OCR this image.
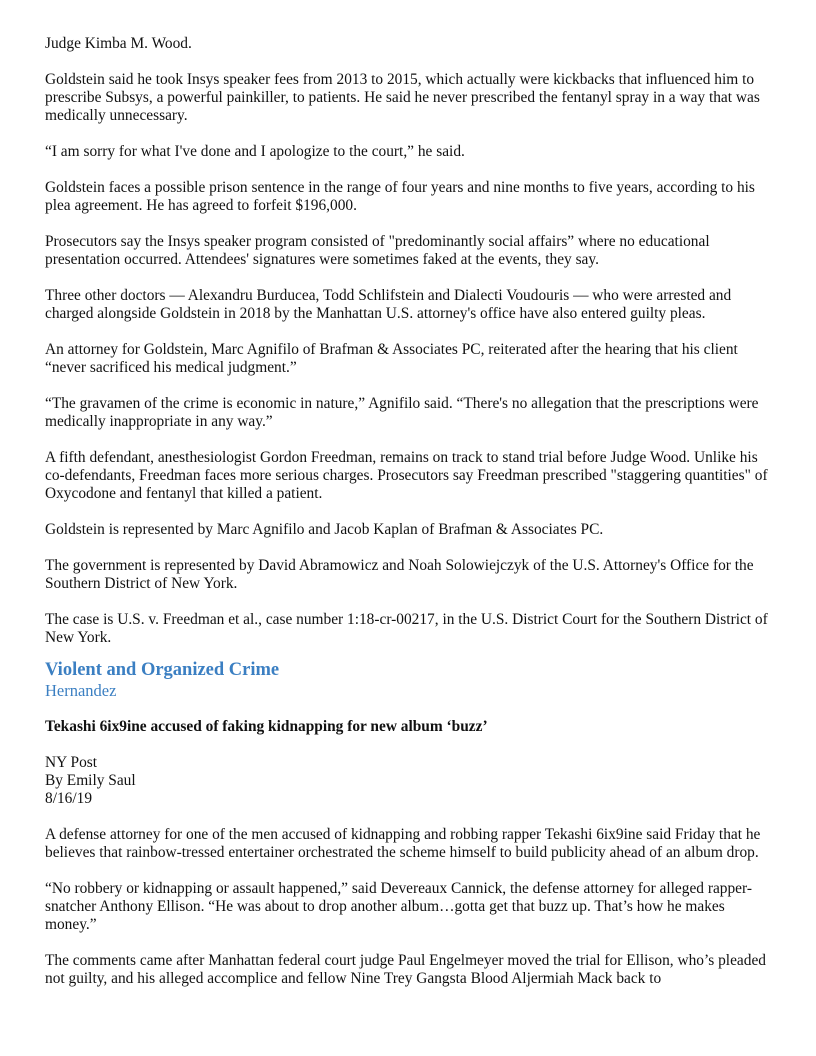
Judge Kimba M. Wood.

Goldstein said he took Insys speaker fees from 2013 to 2015, which actually were kickbacks that influenced him to prescribe Subsys, a powerful painkiller, to patients. He said he never prescribed the fentanyl spray in a way that was medically unnecessary.

“I am sorry for what I've done and I apologize to the court,” he said.

Goldstein faces a possible prison sentence in the range of four years and nine months to five years, according to his plea agreement. He has agreed to forfeit $196,000.

Prosecutors say the Insys speaker program consisted of "predominantly social affairs” where no educational presentation occurred. Attendees' signatures were sometimes faked at the events, they say.

Three other doctors — Alexandru Burducea, Todd Schlifstein and Dialecti Voudouris — who were arrested and charged alongside Goldstein in 2018 by the Manhattan U.S. attorney's office have also entered guilty pleas.

An attorney for Goldstein, Marc Agnifilo of Brafman & Associates PC, reiterated after the hearing that his client “never sacrificed his medical judgment.”

“The gravamen of the crime is economic in nature,” Agnifilo said. “There's no allegation that the prescriptions were medically inappropriate in any way.”

A fifth defendant, anesthesiologist Gordon Freedman, remains on track to stand trial before Judge Wood. Unlike his co-defendants, Freedman faces more serious charges. Prosecutors say Freedman prescribed "staggering quantities" of Oxycodone and fentanyl that killed a patient.

Goldstein is represented by Marc Agnifilo and Jacob Kaplan of Brafman & Associates PC.

The government is represented by David Abramowicz and Noah Solowiejczyk of the U.S. Attorney's Office for the Southern District of New York.

The case is U.S. v. Freedman et al., case number 1:18-cr-00217, in the U.S. District Court for the Southern District of New York.

Violent and Organized Crime
Hernandez

Tekashi 6ix9ine accused of faking kidnapping for new album ‘buzz’

NY Post

By Emily Saul

8/16/19

A defense attorney for one of the men accused of kidnapping and robbing rapper Tekashi 6ix9ine said Friday that he believes that rainbow-tressed entertainer orchestrated the scheme himself to build publicity ahead of an album drop.

“No robbery or kidnapping or assault happened,” said Devereaux Cannick, the defense attorney for alleged rapper-snatcher Anthony Ellison. “He was about to drop another album…gotta get that buzz up. That’s how he makes money.”

The comments came after Manhattan federal court judge Paul Engelmeyer moved the trial for Ellison, who’s pleaded not guilty, and his alleged accomplice and fellow Nine Trey Gangsta Blood Aljermiah Mack back to
